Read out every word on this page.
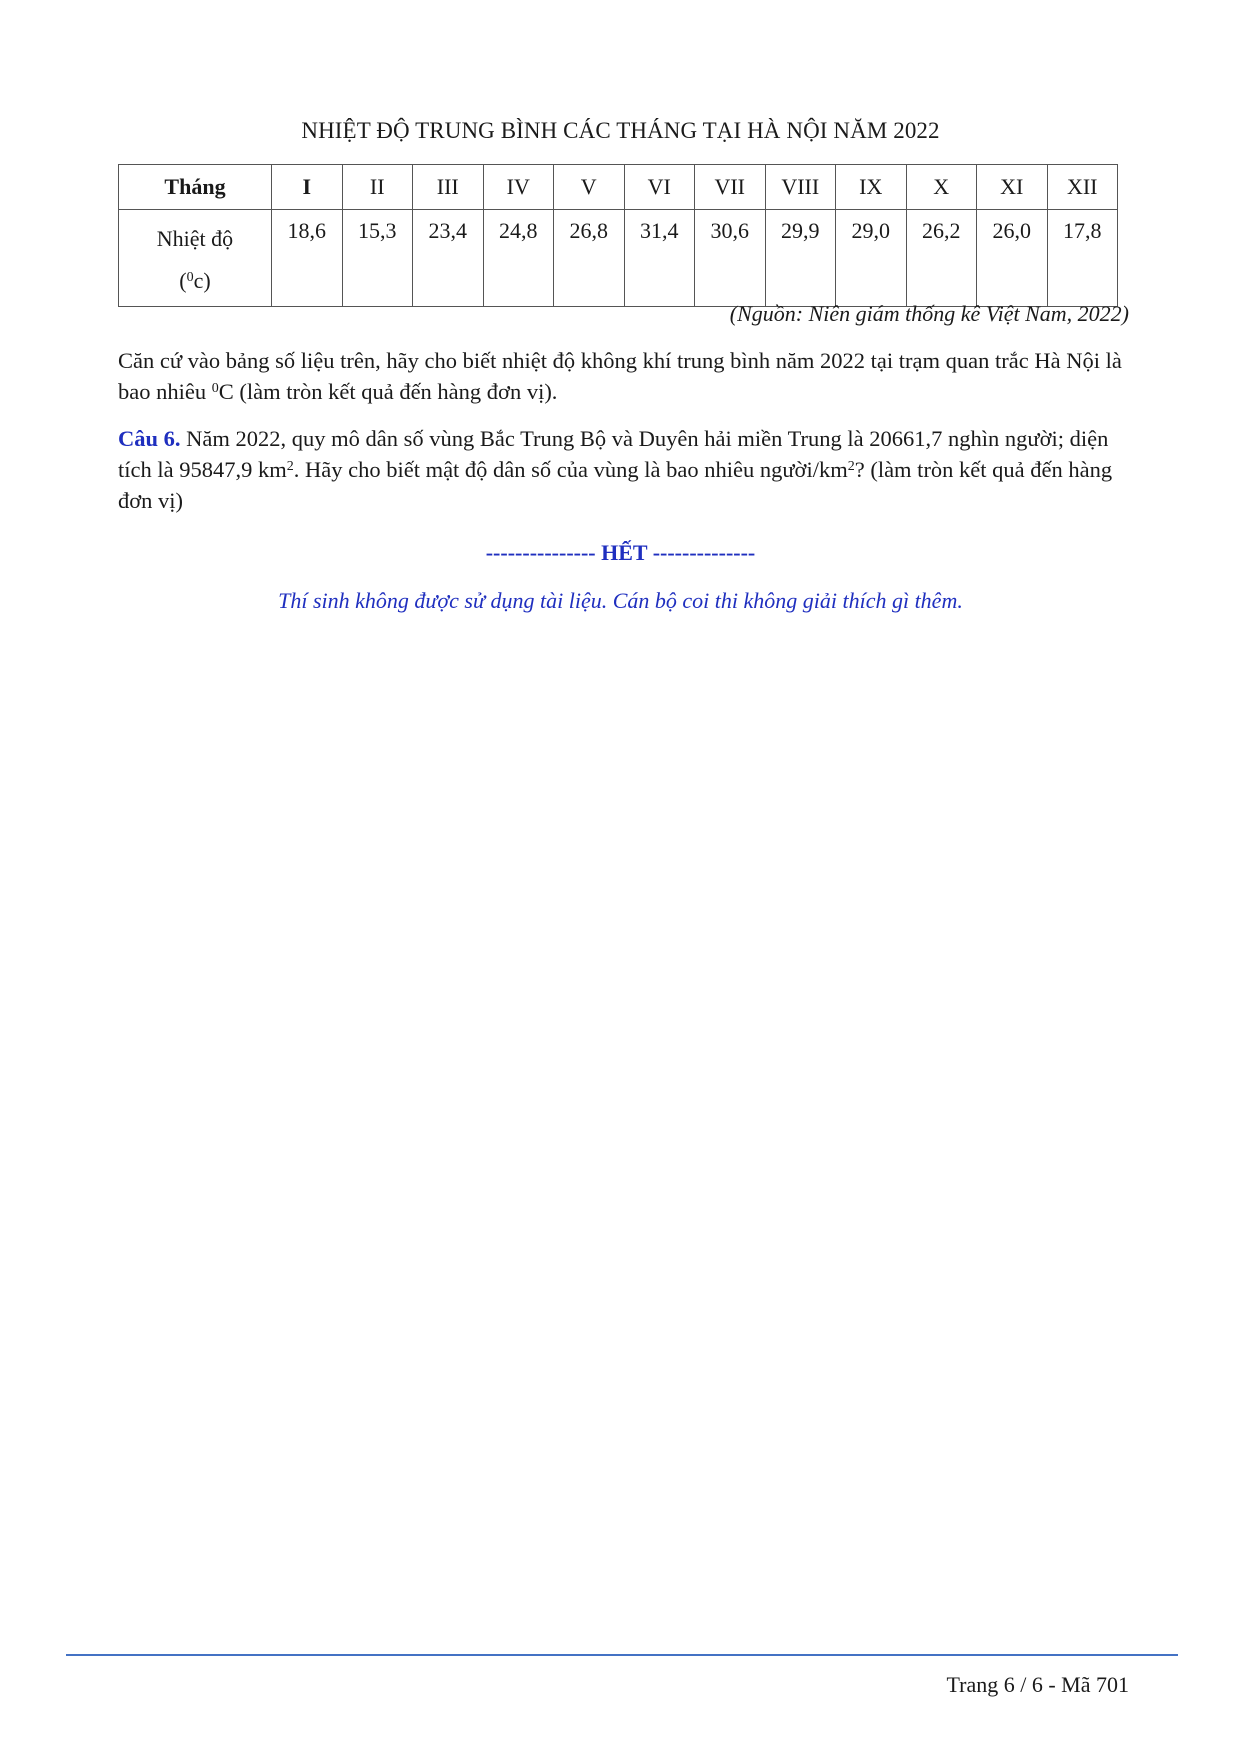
NHIỆT ĐỘ TRUNG BÌNH CÁC THÁNG TẠI HÀ NỘI NĂM 2022
Tháng	I	II	III	IV	V	VI	VII	VIII	IX	X	XI	XII
Nhiệt độ
($^0$c)	18,6	15,3	23,4	24,8	26,8	31,4	30,6	29,9	29,0	26,2	26,0	17,8
(Nguồn: Niên giám thống kê Việt Nam, 2022)
Căn cứ vào bảng số liệu trên, hãy cho biết nhiệt độ không khí trung bình năm 2022 tại trạm quan trắc Hà Nội là bao nhiêu $^0$C (làm tròn kết quả đến hàng đơn vị).
Câu 6. Năm 2022, quy mô dân số vùng Bắc Trung Bộ và Duyên hải miền Trung là 20661,7 nghìn người; diện tích là 95847,9 $km^2$. Hãy cho biết mật độ dân số của vùng là bao nhiêu người/$km^2$? (làm tròn kết quả đến hàng đơn vị)
--------------- HẾT --------------
Thí sinh không được sử dụng tài liệu. Cán bộ coi thi không giải thích gì thêm.
Trang 6 / 6 - Mã 701
